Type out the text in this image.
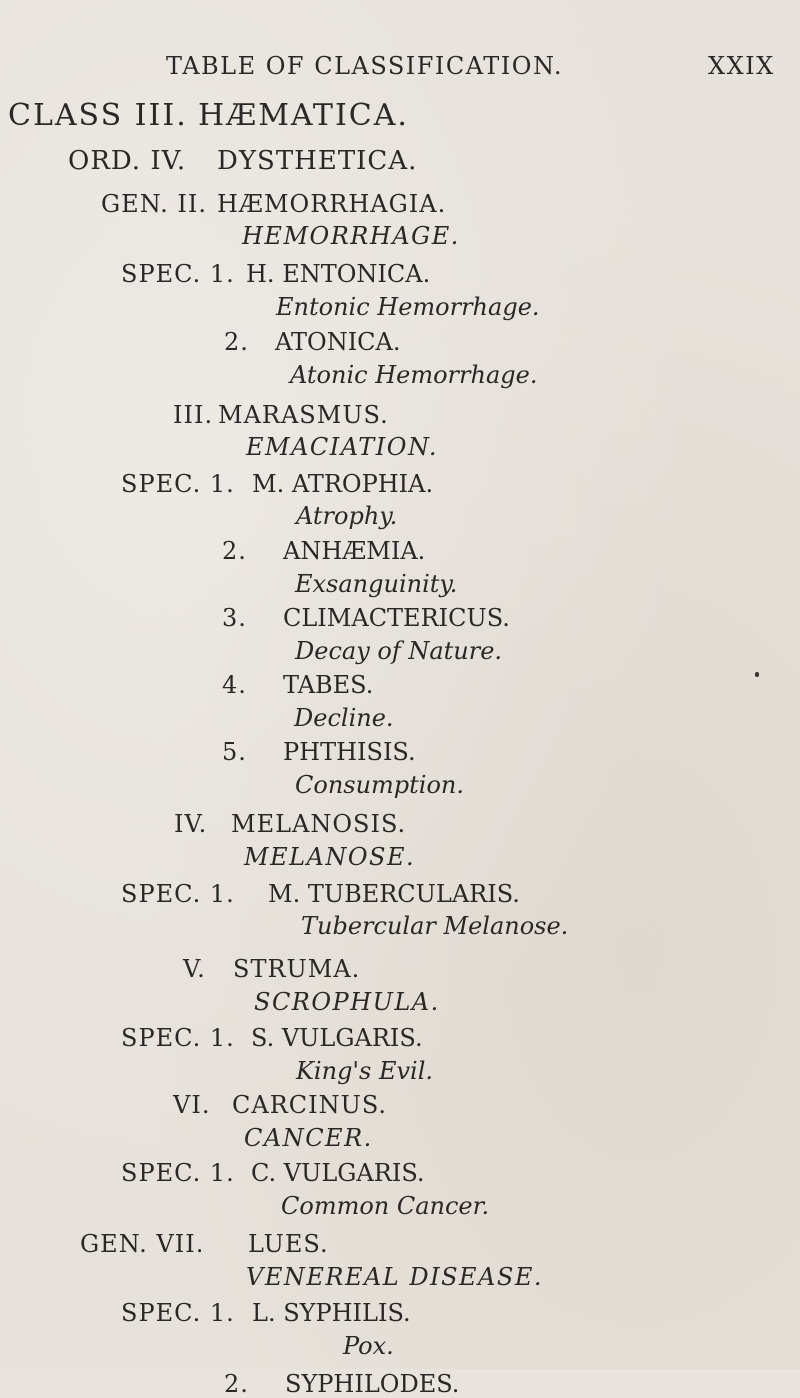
TABLE OF CLASSIFICATION.	XXIX
CLASS III. HÆMATICA.
ORD. IV. DYSTHETICA.
GEN. II. HÆMORRHAGIA.
HEMORRHAGE.
SPEC. 1. H. ENTONICA.
Entonic Hemorrhage.
2. ATONICA.
Atonic Hemorrhage.
III. MARASMUS.
EMACIATION.
SPEC. 1. M. ATROPHIA.
Atrophy.
2. ANHÆMIA.
Exsanguinity.
3. CLIMACTERICUS.
Decay of Nature.
4. TABES.
Decline.
5. PHTHISIS.
Consumption.
IV. MELANOSIS.
MELANOSE.
SPEC. 1. M. TUBERCULARIS.
Tubercular Melanose.
V. STRUMA.
SCROPHULA.
SPEC. 1. S. VULGARIS.
King's Evil.
VI. CARCINUS.
CANCER.
SPEC. 1. C. VULGARIS.
Common Cancer.
GEN. VII. LUES.
VENEREAL DISEASE.
SPEC. 1. L. SYPHILIS.
Pox.
2. SYPHILODES.
